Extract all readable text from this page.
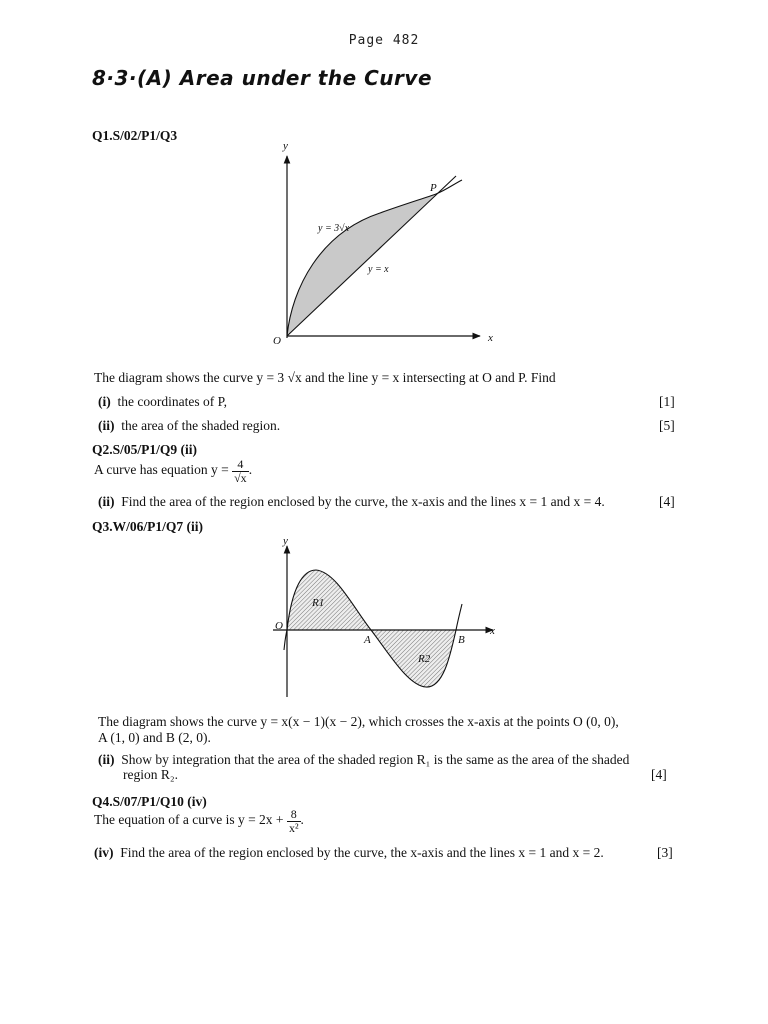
Page 482
8·3·(A) Area under the Curve
Q1.S/02/P1/Q3
y
x
O
P
y = 3√x
y = x
The diagram shows the curve y = 3 √x and the line y = x intersecting at O and P. Find
(i) the coordinates of P,	[1]
(ii) the area of the shaded region.	[5]
Q2.S/05/P1/Q9 (ii)
A curve has equation $y = \frac{4}{√x}$ .
(ii) Find the area of the region enclosed by the curve, the x-axis and the lines x = 1 and x = 4.	[4]
Q3.W/06/P1/Q7 (ii)
y
x
O
A	B
R1
R2
The diagram shows the curve y = x(x − 1)(x − 2), which crosses the x-axis at the points O (0, 0),
A (1, 0) and B (2, 0).
(ii) Show by integration that the area of the shaded region R₁ is the same as the area of the shaded
region R₂.	[4]
Q4.S/07/P1/Q10 (iv)
The equation of a curve is $y = 2x + \frac{8}{\text{x²}}$ .
(iv) Find the area of the region enclosed by the curve, the x-axis and the lines x = 1 and x = 2.	[3]
